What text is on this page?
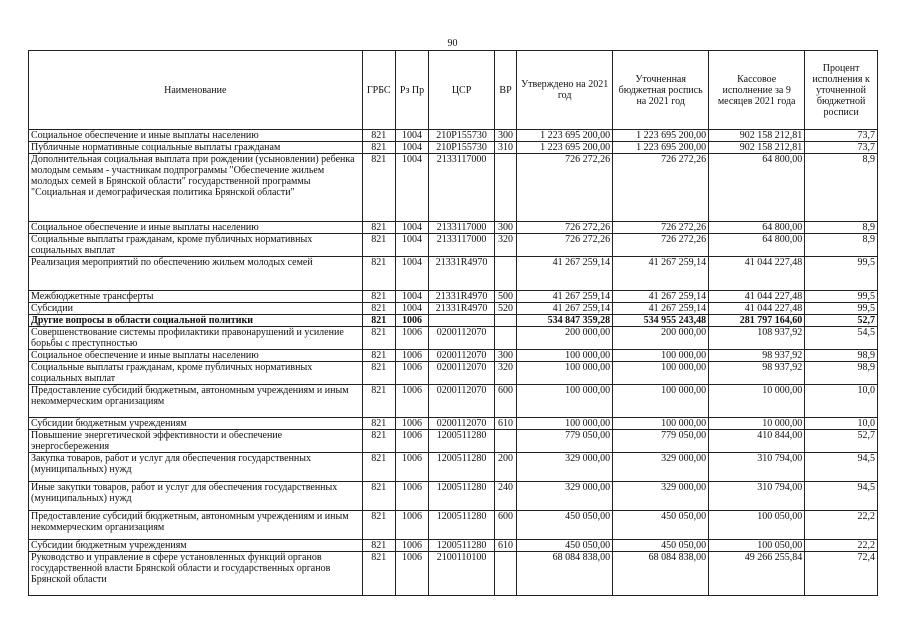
90
Наименование	ГРБС	Рз Пр	ЦСР	ВР	Утверждено на 2021 год	Уточненная бюджетная роспись на 2021 год	Кассовое исполнение за 9 месяцев 2021 года	Процент исполнения к уточненной бюджетной росписи
Социальное обеспечение и иные выплаты населению	821	1004	210Р155730	300	1 223 695 200,00	1 223 695 200,00	902 158 212,81	73,7
Публичные нормативные социальные выплаты гражданам	821	1004	210Р155730	310	1 223 695 200,00	1 223 695 200,00	902 158 212,81	73,7
Дополнительная социальная выплата при рождении (усыновлении) ребенка молодым семьям - участникам подпрограммы "Обеспечение жильем молодых семей в Брянской области" государственной программы "Социальная и демографическая политика Брянской области"	821	1004	2133117000		726 272,26	726 272,26	64 800,00	8,9
Социальное обеспечение и иные выплаты населению	821	1004	2133117000	300	726 272,26	726 272,26	64 800,00	8,9
Социальные выплаты гражданам, кроме публичных нормативных социальных выплат	821	1004	2133117000	320	726 272,26	726 272,26	64 800,00	8,9
Реализация мероприятий по обеспечению жильем молодых семей	821	1004	21331R4970		41 267 259,14	41 267 259,14	41 044 227,48	99,5
Межбюджетные трансферты	821	1004	21331R4970	500	41 267 259,14	41 267 259,14	41 044 227,48	99,5
Субсидии	821	1004	21331R4970	520	41 267 259,14	41 267 259,14	41 044 227,48	99,5
Другие вопросы в области социальной политики	821	1006			534 847 359,28	534 955 243,48	281 797 164,60	52,7
Совершенствование системы профилактики правонарушений и усиление борьбы с преступностью	821	1006	0200112070		200 000,00	200 000,00	108 937,92	54,5
Социальное обеспечение и иные выплаты населению	821	1006	0200112070	300	100 000,00	100 000,00	98 937,92	98,9
Социальные выплаты гражданам, кроме публичных нормативных социальных выплат	821	1006	0200112070	320	100 000,00	100 000,00	98 937,92	98,9
Предоставление субсидий бюджетным, автономным учреждениям и иным некоммерческим организациям	821	1006	0200112070	600	100 000,00	100 000,00	10 000,00	10,0
Субсидии бюджетным учреждениям	821	1006	0200112070	610	100 000,00	100 000,00	10 000,00	10,0
Повышение энергетической эффективности и обеспечение энергосбережения	821	1006	1200511280		779 050,00	779 050,00	410 844,00	52,7
Закупка товаров, работ и услуг для обеспечения государственных (муниципальных) нужд	821	1006	1200511280	200	329 000,00	329 000,00	310 794,00	94,5
Иные закупки товаров, работ и услуг для обеспечения государственных (муниципальных) нужд	821	1006	1200511280	240	329 000,00	329 000,00	310 794,00	94,5
Предоставление субсидий бюджетным, автономным учреждениям и иным некоммерческим организациям	821	1006	1200511280	600	450 050,00	450 050,00	100 050,00	22,2
Субсидии бюджетным учреждениям	821	1006	1200511280	610	450 050,00	450 050,00	100 050,00	22,2
Руководство и управление в сфере установленных функций органов государственной власти Брянской области и государственных органов Брянской области	821	1006	2100110100		68 084 838,00	68 084 838,00	49 266 255,84	72,4
